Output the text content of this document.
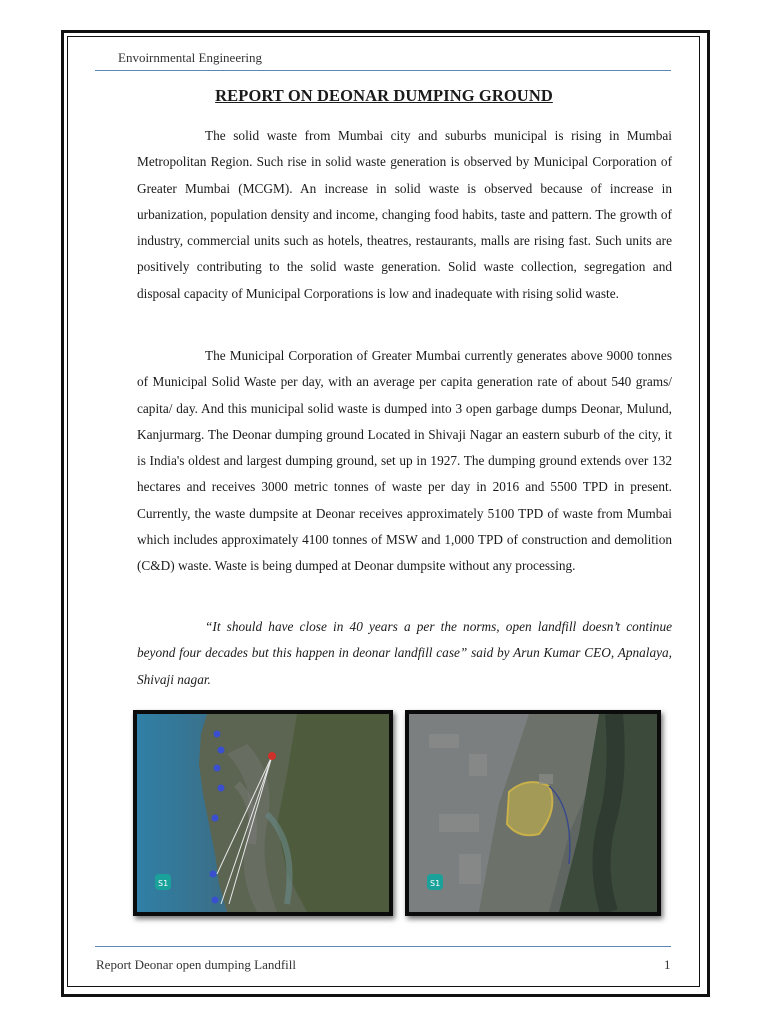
Envoirnmental Engineering
REPORT ON DEONAR DUMPING GROUND

The solid waste from Mumbai city and suburbs municipal is rising in Mumbai Metropolitan Region. Such rise in solid waste generation is observed by Municipal Corporation of Greater Mumbai (MCGM). An increase in solid waste is observed because of increase in urbanization, population density and income, changing food habits, taste and pattern. The growth of industry, commercial units such as hotels, theatres, restaurants, malls are rising fast. Such units are positively contributing to the solid waste generation. Solid waste collection, segregation and disposal capacity of Municipal Corporations is low and inadequate with rising solid waste.

The Municipal Corporation of Greater Mumbai currently generates above 9000 tonnes of Municipal Solid Waste per day, with an average per capita generation rate of about 540 grams/ capita/ day. And this municipal solid waste is dumped into 3 open garbage dumps Deonar, Mulund, Kanjurmarg. The Deonar dumping ground Located in Shivaji Nagar an eastern suburb of the city, it is India's oldest and largest dumping ground, set up in 1927. The dumping ground extends over 132 hectares and receives 3000 metric tonnes of waste per day in 2016 and 5500 TPD in present. Currently, the waste dumpsite at Deonar receives approximately 5100 TPD of waste from Mumbai which includes approximately 4100 tonnes of MSW and 1,000 TPD of construction and demolition (C&D) waste. Waste is being dumped at Deonar dumpsite without any processing.

“It should have close in 40 years a per the norms, open landfill doesn’t continue beyond four decades but this happen in deonar landfill case” said by Arun Kumar CEO, Apnalaya, Shivaji nagar.

S1	S1
Report Deonar open dumping Landfill	1
